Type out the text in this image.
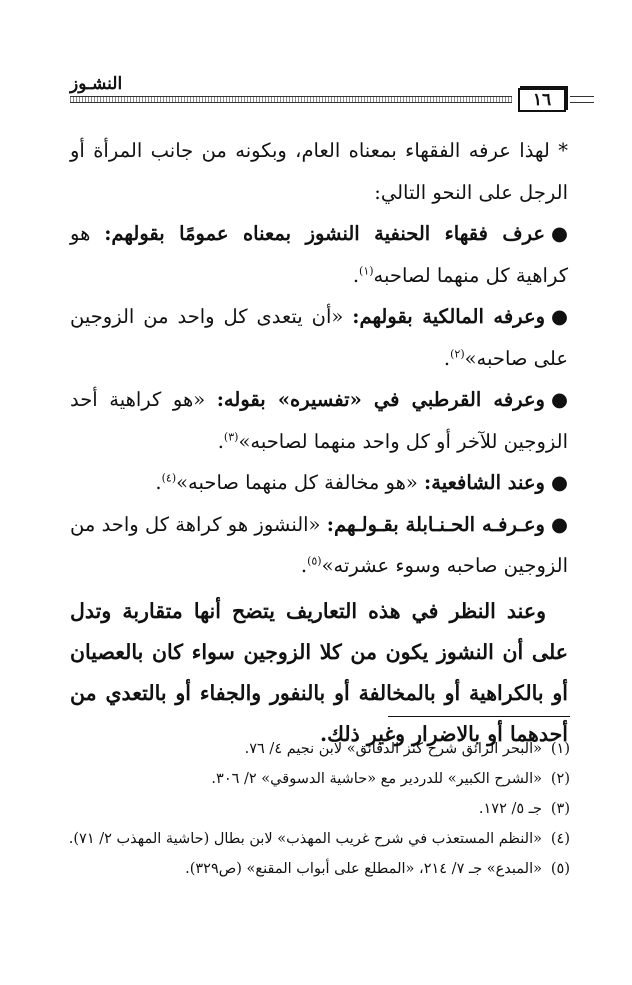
١٦
النشـوز

* لهذا عرفه الفقهاء بمعناه العام، وبكونه من جانب المرأة أو الرجل على النحو التالي:

●عرف فقهاء الحنفية النشوز بمعناه عمومًا بقولهم: هو كراهية كل منهما لصاحبه$^{(١)}$.

●وعرفه المالكية بقولهم: «أن يتعدى كل واحد من الزوجين على صاحبه»$^{(٢)}$.

●وعرفه القرطبي في «تفسيره» بقوله: «هو كراهية أحد الزوجين للآخر أو كل واحد منهما لصاحبه»$^{(٣)}$.

●وعند الشافعية: «هو مخالفة كل منهما صاحبه»$^{(٤)}$.

●وعـرفـه الحـنـابلة بقـولـهم: «النشوز هو كراهة كل واحد من الزوجين صاحبه وسوء عشرته»$^{(٥)}$.

وعند النظر في هذه التعاريف يتضح أنها متقاربة وتدل على أن النشوز يكون من كلا الزوجين سواء كان بالعصيان أو بالكراهية أو بالمخالفة أو بالنفور والجفاء أو بالتعدي من أحدهما أو بالاضرار وغير ذلك.

(١)«البحر الرائق شرح كنز الدقائق» لابن نجيم ٤/ ٧٦.
(٢)«الشرح الكبير» للدردير مع «حاشية الدسوقي» ٢/ ٣٠٦.
(٣)جـ ٥/ ١٧٢.
(٤)«النظم المستعذب في شرح غريب المهذب» لابن بطال (حاشية المهذب ٢/ ٧١).
(٥)«المبدع» جـ ٧/ ٢١٤، «المطلع على أبواب المقنع» (ص٣٢٩).
